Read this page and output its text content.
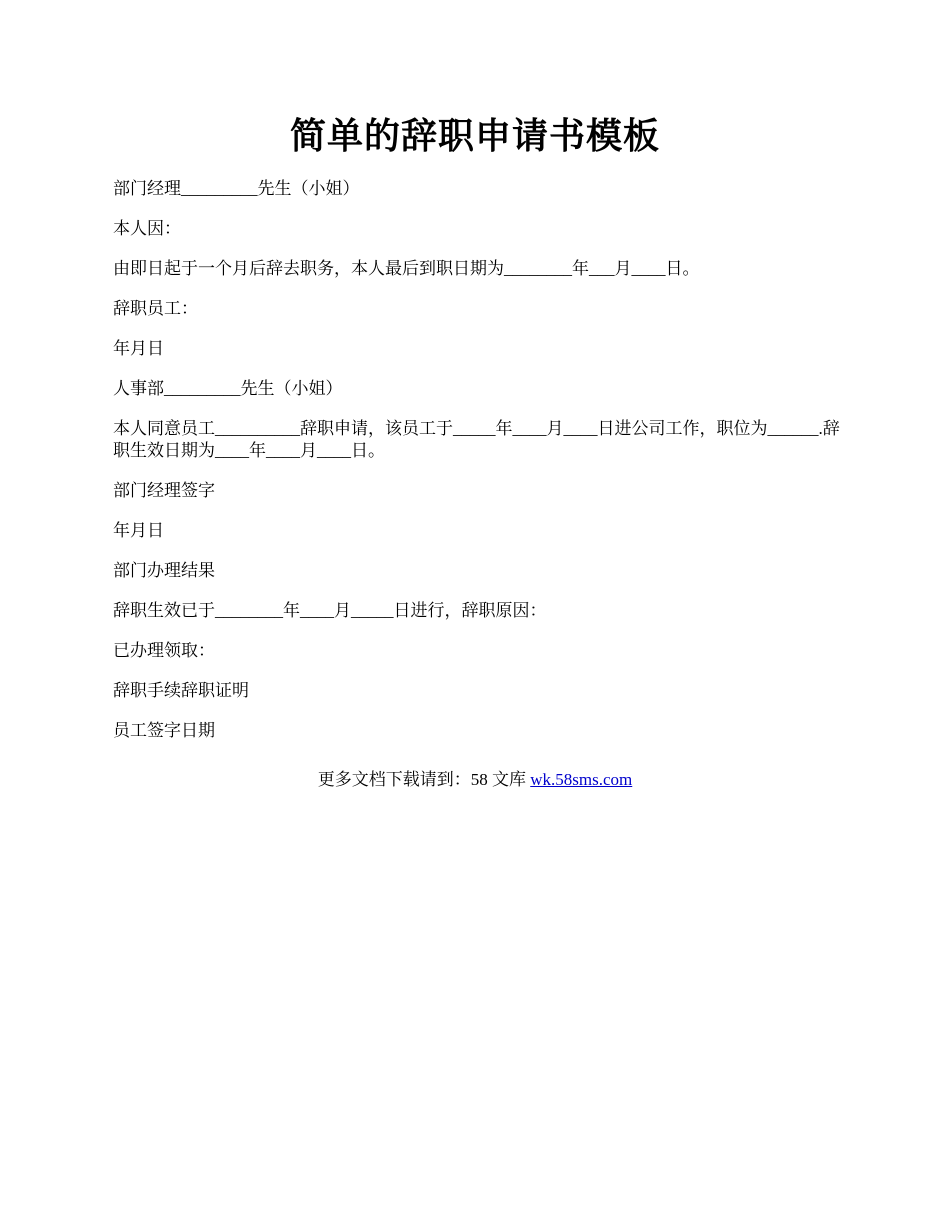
简单的辞职申请书模板

部门经理_________先生（小姐）

本人因：

由即日起于一个月后辞去职务，本人最后到职日期为________年___月____日。

辞职员工：

年月日

人事部_________先生（小姐）

本人同意员工__________辞职申请，该员工于_____年____月____日进公司工作，职位为______.辞职生效日期为____年____月____日。

部门经理签字

年月日

部门办理结果

辞职生效已于________年____月_____日进行，辞职原因：

已办理领取：

辞职手续辞职证明

员工签字日期

更多文档下载请到：58 文库 wk.58sms.com
